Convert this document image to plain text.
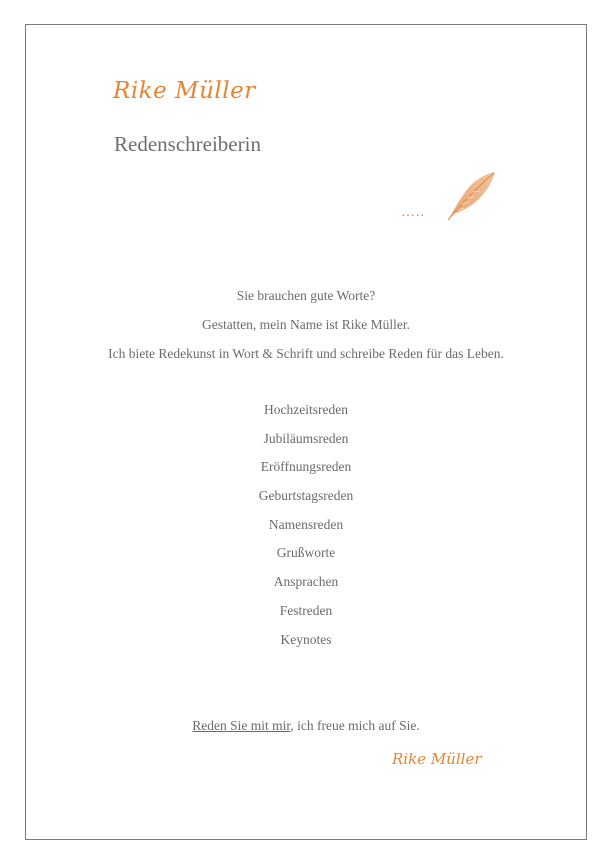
Rike Müller
Redenschreiberin
…..
Sie brauchen gute Worte?
Gestatten, mein Name ist Rike Müller.
Ich biete Redekunst in Wort & Schrift und schreibe Reden für das Leben.
Hochzeitsreden
Jubiläumsreden
Eröffnungsreden
Geburtstagsreden
Namensreden
Grußworte
Ansprachen
Festreden
Keynotes
Reden Sie mit mir, ich freue mich auf Sie.
Rike Müller
